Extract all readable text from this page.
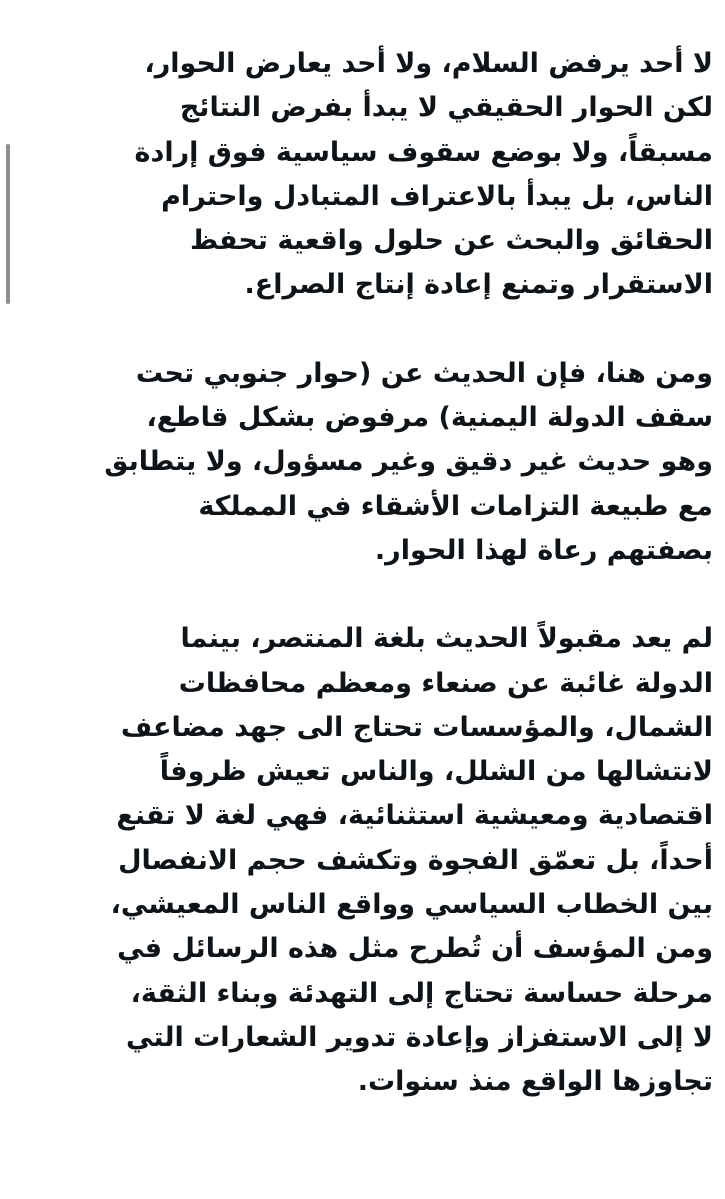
لا أحد يرفض السلام، ولا أحد يعارض الحوار،
لكن الحوار الحقيقي لا يبدأ بفرض النتائج
مسبقاً، ولا بوضع سقوف سياسية فوق إرادة
الناس، بل يبدأ بالاعتراف المتبادل واحترام
الحقائق والبحث عن حلول واقعية تحفظ
الاستقرار وتمنع إعادة إنتاج الصراع.
ومن هنا، فإن الحديث عن (حوار جنوبي تحت
سقف الدولة اليمنية) مرفوض بشكل قاطع،
وهو حديث غير دقيق وغير مسؤول، ولا يتطابق
مع طبيعة التزامات الأشقاء في المملكة
بصفتهم رعاة لهذا الحوار.
لم يعد مقبولاً الحديث بلغة المنتصر، بينما
الدولة غائبة عن صنعاء ومعظم محافظات
الشمال، والمؤسسات تحتاج الى جهد مضاعف
لانتشالها من الشلل، والناس تعيش ظروفاً
اقتصادية ومعيشية استثنائية، فهي لغة لا تقنع
أحداً، بل تعمّق الفجوة وتكشف حجم الانفصال
بين الخطاب السياسي وواقع الناس المعيشي،
ومن المؤسف أن تُطرح مثل هذه الرسائل في
مرحلة حساسة تحتاج إلى التهدئة وبناء الثقة،
لا إلى الاستفزاز وإعادة تدوير الشعارات التي
تجاوزها الواقع منذ سنوات.
